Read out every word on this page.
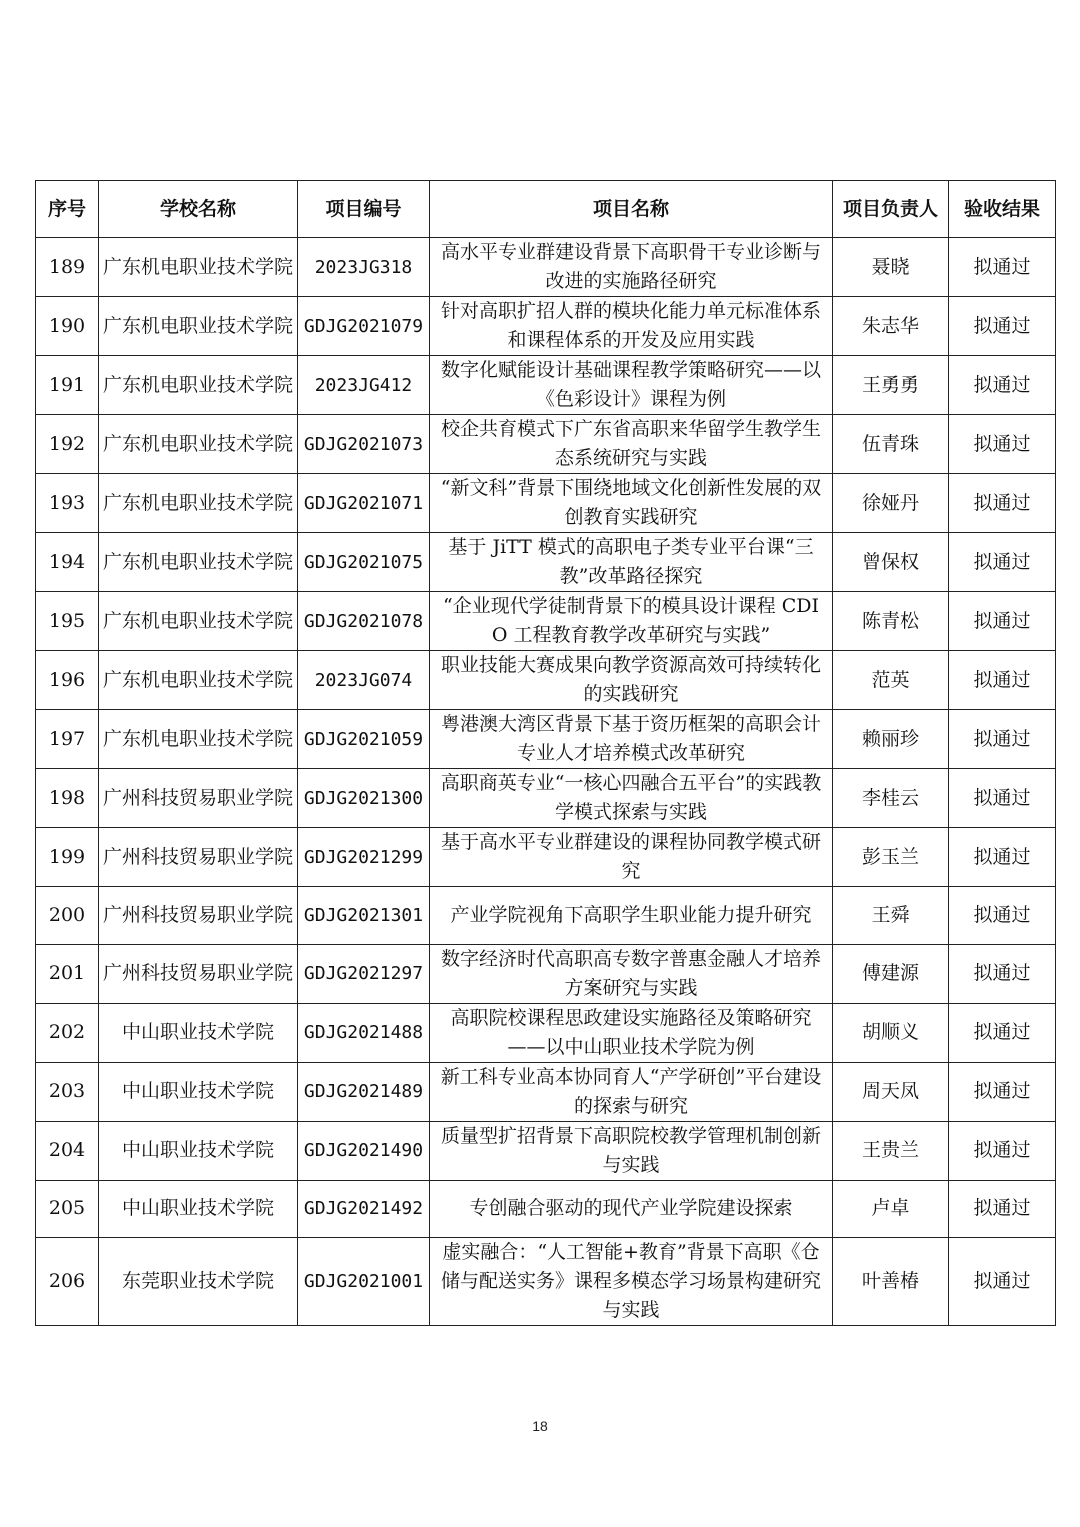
序号	学校名称	项目编号	项目名称	项目负责人	验收结果
189	广东机电职业技术学院	2023JG318	高水平专业群建设背景下高职骨干专业诊断与改进的实施路径研究	聂晓	拟通过
190	广东机电职业技术学院	GDJG2021079	针对高职扩招人群的模块化能力单元标准体系和课程体系的开发及应用实践	朱志华	拟通过
191	广东机电职业技术学院	2023JG412	数字化赋能设计基础课程教学策略研究——以《色彩设计》课程为例	王勇勇	拟通过
192	广东机电职业技术学院	GDJG2021073	校企共育模式下广东省高职来华留学生教学生态系统研究与实践	伍青珠	拟通过
193	广东机电职业技术学院	GDJG2021071	“新文科”背景下围绕地域文化创新性发展的双创教育实践研究	徐娅丹	拟通过
194	广东机电职业技术学院	GDJG2021075	基于 JiTT 模式的高职电子类专业平台课“三教”改革路径探究	曾保权	拟通过
195	广东机电职业技术学院	GDJG2021078	“企业现代学徒制背景下的模具设计课程 CDIO 工程教育教学改革研究与实践”	陈青松	拟通过
196	广东机电职业技术学院	2023JG074	职业技能大赛成果向教学资源高效可持续转化的实践研究	范英	拟通过
197	广东机电职业技术学院	GDJG2021059	粤港澳大湾区背景下基于资历框架的高职会计专业人才培养模式改革研究	赖丽珍	拟通过
198	广州科技贸易职业学院	GDJG2021300	高职商英专业“一核心四融合五平台”的实践教学模式探索与实践	李桂云	拟通过
199	广州科技贸易职业学院	GDJG2021299	基于高水平专业群建设的课程协同教学模式研究	彭玉兰	拟通过
200	广州科技贸易职业学院	GDJG2021301	产业学院视角下高职学生职业能力提升研究	王舜	拟通过
201	广州科技贸易职业学院	GDJG2021297	数字经济时代高职高专数字普惠金融人才培养方案研究与实践	傅建源	拟通过
202	中山职业技术学院	GDJG2021488	高职院校课程思政建设实施路径及策略研究——以中山职业技术学院为例	胡顺义	拟通过
203	中山职业技术学院	GDJG2021489	新工科专业高本协同育人“产学研创”平台建设的探索与研究	周天凤	拟通过
204	中山职业技术学院	GDJG2021490	质量型扩招背景下高职院校教学管理机制创新与实践	王贵兰	拟通过
205	中山职业技术学院	GDJG2021492	专创融合驱动的现代产业学院建设探索	卢卓	拟通过
206	东莞职业技术学院	GDJG2021001	虚实融合：“人工智能+教育”背景下高职《仓储与配送实务》课程多模态学习场景构建研究与实践	叶善椿	拟通过
18
